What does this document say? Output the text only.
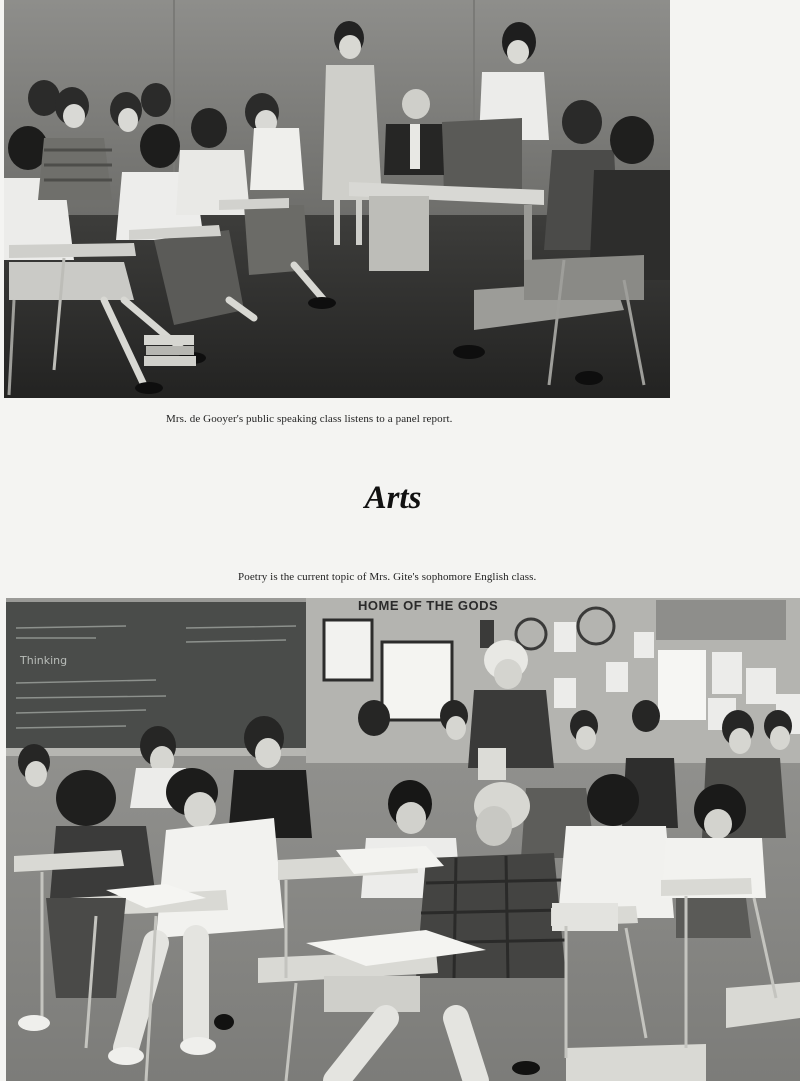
Mrs. de Gooyer's public speaking class listens to a panel report.
Arts
Poetry is the current topic of Mrs. Gite's sophomore English class.
Thinking
HOME OF THE GODS
